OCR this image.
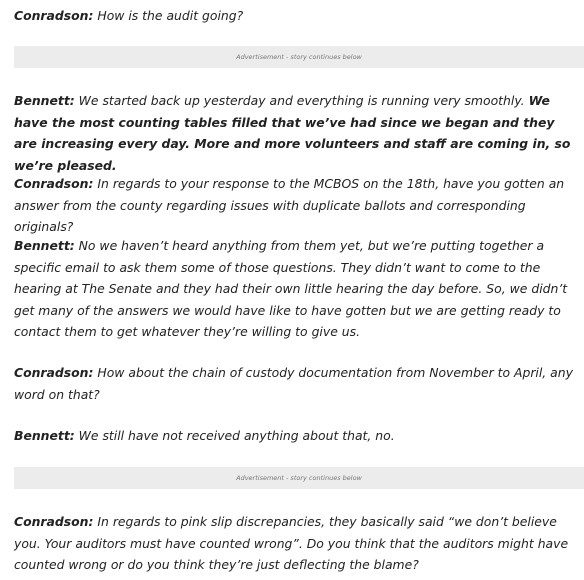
Conradson: How is the audit going?

Advertisement - story continues below

Bennett: We started back up yesterday and everything is running very smoothly. We have the most counting tables filled that we’ve had since we began and they are increasing every day. More and more volunteers and staff are coming in, so we’re pleased.

Conradson: In regards to your response to the MCBOS on the 18th, have you gotten an answer from the county regarding issues with duplicate ballots and corresponding originals?

Bennett: No we haven’t heard anything from them yet, but we’re putting together a specific email to ask them some of those questions. They didn’t want to come to the hearing at The Senate and they had their own little hearing the day before. So, we didn’t get many of the answers we would have like to have gotten but we are getting ready to contact them to get whatever they’re willing to give us.

Conradson: How about the chain of custody documentation from November to April, any word on that?

Bennett: We still have not received anything about that, no.

Advertisement - story continues below

Conradson: In regards to pink slip discrepancies, they basically said “we don’t believe you. Your auditors must have counted wrong”. Do you think that the auditors might have counted wrong or do you think they’re just deflecting the blame?
